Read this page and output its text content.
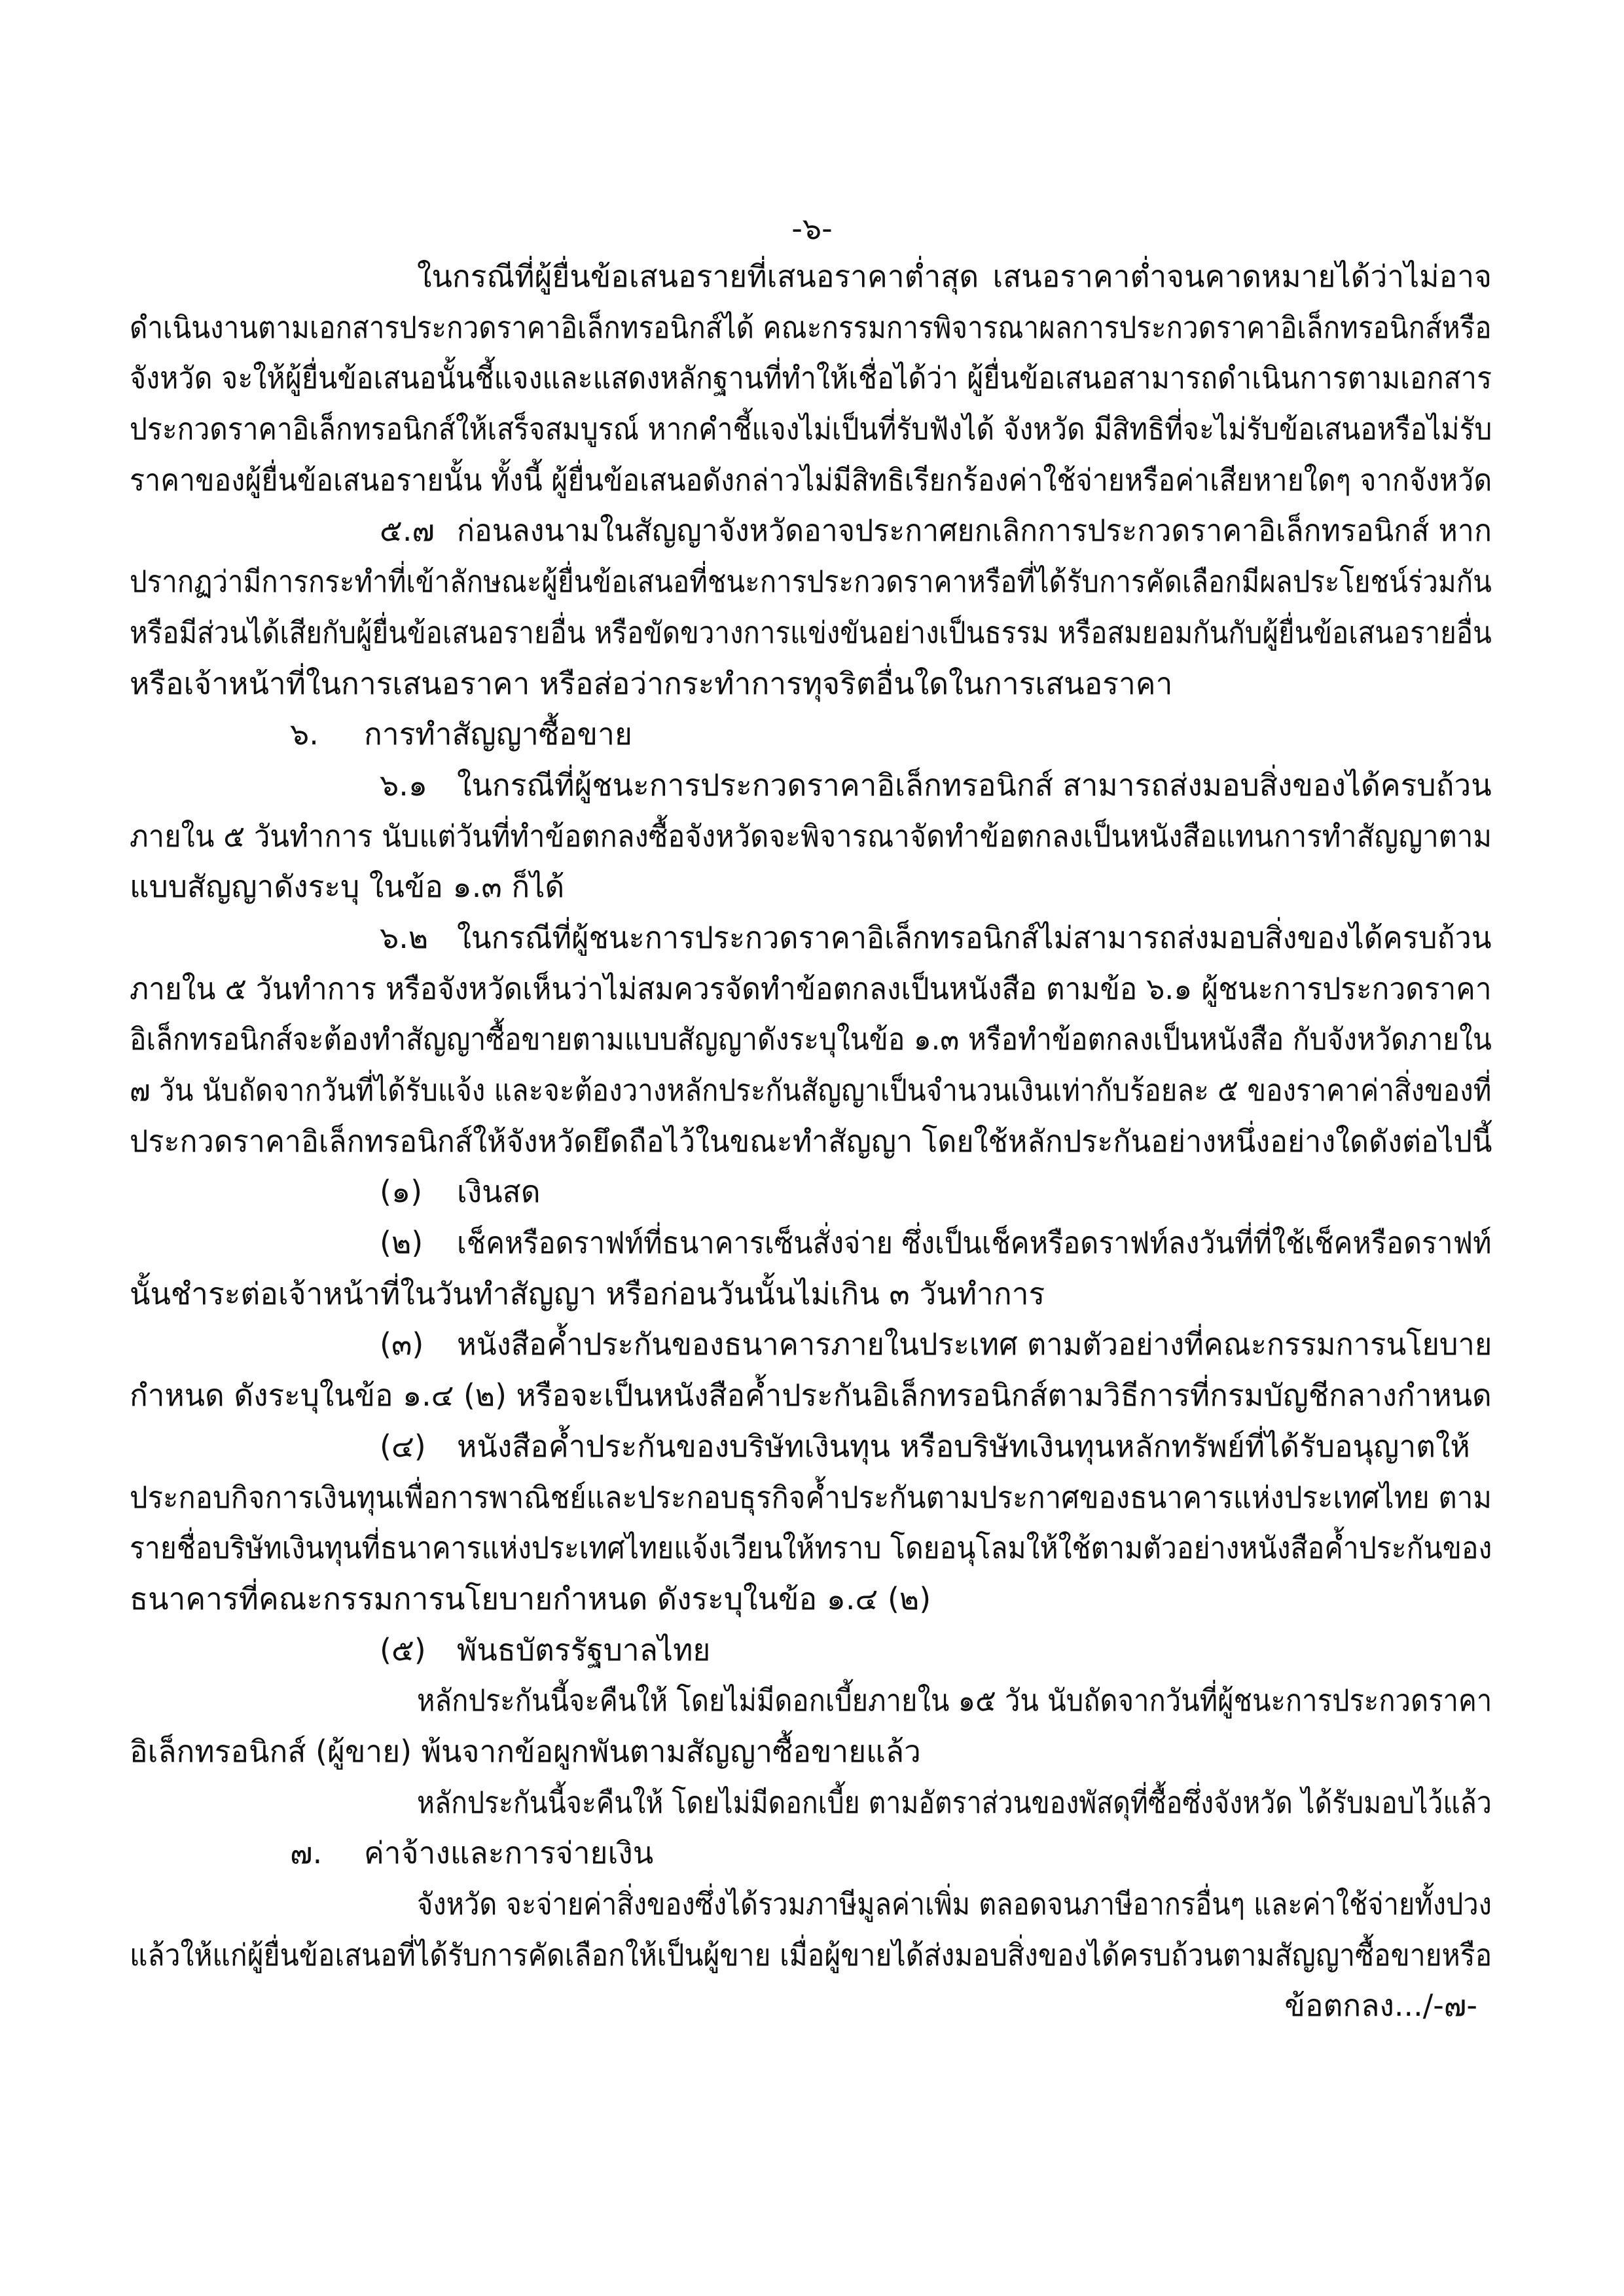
-๖-
ในกรณีที่ผู้ยื่นข้อเสนอรายที่เสนอราคาต่ำสุด เสนอราคาต่ำจนคาดหมายได้ว่าไม่อาจ
ดำเนินงานตามเอกสารประกวดราคาอิเล็กทรอนิกส์ได้ คณะกรรมการพิจารณาผลการประกวดราคาอิเล็กทรอนิกส์หรือ
จังหวัด จะให้ผู้ยื่นข้อเสนอนั้นชี้แจงและแสดงหลักฐานที่ทำให้เชื่อได้ว่า ผู้ยื่นข้อเสนอสามารถดำเนินการตามเอกสาร
ประกวดราคาอิเล็กทรอนิกส์ให้เสร็จสมบูรณ์ หากคำชี้แจงไม่เป็นที่รับฟังได้ จังหวัด มีสิทธิที่จะไม่รับข้อเสนอหรือไม่รับ
ราคาของผู้ยื่นข้อเสนอรายนั้น ทั้งนี้ ผู้ยื่นข้อเสนอดังกล่าวไม่มีสิทธิเรียกร้องค่าใช้จ่ายหรือค่าเสียหายใดๆ จากจังหวัด
๕.๗ ก่อนลงนามในสัญญาจังหวัดอาจประกาศยกเลิกการประกวดราคาอิเล็กทรอนิกส์ หาก
ปรากฏว่ามีการกระทำที่เข้าลักษณะผู้ยื่นข้อเสนอที่ชนะการประกวดราคาหรือที่ได้รับการคัดเลือกมีผลประโยชน์ร่วมกัน
หรือมีส่วนได้เสียกับผู้ยื่นข้อเสนอรายอื่น หรือขัดขวางการแข่งขันอย่างเป็นธรรม หรือสมยอมกันกับผู้ยื่นข้อเสนอรายอื่น
หรือเจ้าหน้าที่ในการเสนอราคา หรือส่อว่ากระทำการทุจริตอื่นใดในการเสนอราคา
๖. การทำสัญญาซื้อขาย
๖.๑ ในกรณีที่ผู้ชนะการประกวดราคาอิเล็กทรอนิกส์ สามารถส่งมอบสิ่งของได้ครบถ้วน
ภายใน ๕ วันทำการ นับแต่วันที่ทำข้อตกลงซื้อจังหวัดจะพิจารณาจัดทำข้อตกลงเป็นหนังสือแทนการทำสัญญาตาม
แบบสัญญาดังระบุ ในข้อ ๑.๓ ก็ได้
๖.๒ ในกรณีที่ผู้ชนะการประกวดราคาอิเล็กทรอนิกส์ไม่สามารถส่งมอบสิ่งของได้ครบถ้วน
ภายใน ๕ วันทำการ หรือจังหวัดเห็นว่าไม่สมควรจัดทำข้อตกลงเป็นหนังสือ ตามข้อ ๖.๑ ผู้ชนะการประกวดราคา
อิเล็กทรอนิกส์จะต้องทำสัญญาซื้อขายตามแบบสัญญาดังระบุในข้อ ๑.๓ หรือทำข้อตกลงเป็นหนังสือ กับจังหวัดภายใน
๗ วัน นับถัดจากวันที่ได้รับแจ้ง และจะต้องวางหลักประกันสัญญาเป็นจำนวนเงินเท่ากับร้อยละ ๕ ของราคาค่าสิ่งของที่
ประกวดราคาอิเล็กทรอนิกส์ให้จังหวัดยึดถือไว้ในขณะทำสัญญา โดยใช้หลักประกันอย่างหนึ่งอย่างใดดังต่อไปนี้
(๑) เงินสด
(๒) เช็คหรือดราฟท์ที่ธนาคารเซ็นสั่งจ่าย ซึ่งเป็นเช็คหรือดราฟท์ลงวันที่ที่ใช้เช็คหรือดราฟท์
นั้นชำระต่อเจ้าหน้าที่ในวันทำสัญญา หรือก่อนวันนั้นไม่เกิน ๓ วันทำการ
(๓) หนังสือค้ำประกันของธนาคารภายในประเทศ ตามตัวอย่างที่คณะกรรมการนโยบาย
กำหนด ดังระบุในข้อ ๑.๔ (๒) หรือจะเป็นหนังสือค้ำประกันอิเล็กทรอนิกส์ตามวิธีการที่กรมบัญชีกลางกำหนด
(๔) หนังสือค้ำประกันของบริษัทเงินทุน หรือบริษัทเงินทุนหลักทรัพย์ที่ได้รับอนุญาตให้
ประกอบกิจการเงินทุนเพื่อการพาณิชย์และประกอบธุรกิจค้ำประกันตามประกาศของธนาคารแห่งประเทศไทย ตาม
รายชื่อบริษัทเงินทุนที่ธนาคารแห่งประเทศไทยแจ้งเวียนให้ทราบ โดยอนุโลมให้ใช้ตามตัวอย่างหนังสือค้ำประกันของ
ธนาคารที่คณะกรรมการนโยบายกำหนด ดังระบุในข้อ ๑.๔ (๒)
(๕) พันธบัตรรัฐบาลไทย
หลักประกันนี้จะคืนให้ โดยไม่มีดอกเบี้ยภายใน ๑๕ วัน นับถัดจากวันที่ผู้ชนะการประกวดราคา
อิเล็กทรอนิกส์ (ผู้ขาย) พ้นจากข้อผูกพันตามสัญญาซื้อขายแล้ว
หลักประกันนี้จะคืนให้ โดยไม่มีดอกเบี้ย ตามอัตราส่วนของพัสดุที่ซื้อซึ่งจังหวัด ได้รับมอบไว้แล้ว
๗. ค่าจ้างและการจ่ายเงิน
จังหวัด จะจ่ายค่าสิ่งของซึ่งได้รวมภาษีมูลค่าเพิ่ม ตลอดจนภาษีอากรอื่นๆ และค่าใช้จ่ายทั้งปวง
แล้วให้แก่ผู้ยื่นข้อเสนอที่ได้รับการคัดเลือกให้เป็นผู้ขาย เมื่อผู้ขายได้ส่งมอบสิ่งของได้ครบถ้วนตามสัญญาซื้อขายหรือ
ข้อตกลง.../-๗-
